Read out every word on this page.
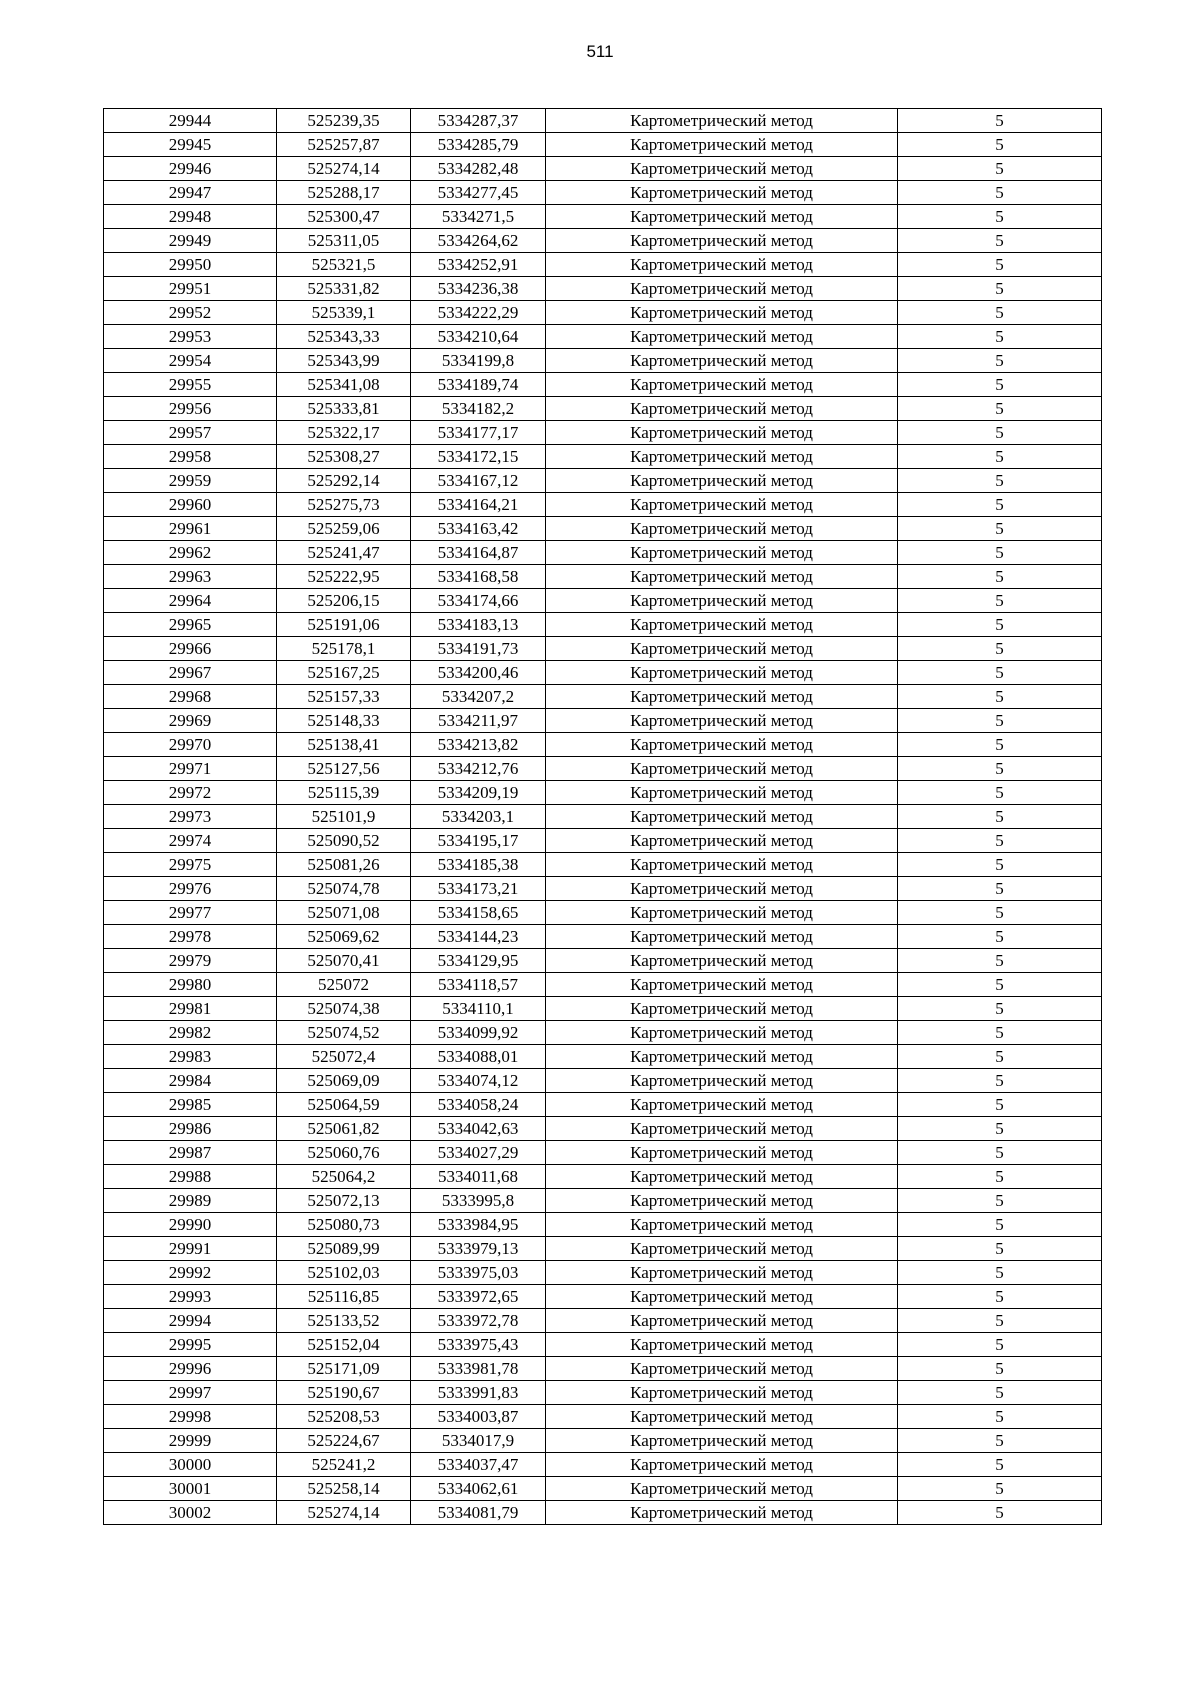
511
29944	525239,35	5334287,37	Картометрический метод	5
29945	525257,87	5334285,79	Картометрический метод	5
29946	525274,14	5334282,48	Картометрический метод	5
29947	525288,17	5334277,45	Картометрический метод	5
29948	525300,47	5334271,5	Картометрический метод	5
29949	525311,05	5334264,62	Картометрический метод	5
29950	525321,5	5334252,91	Картометрический метод	5
29951	525331,82	5334236,38	Картометрический метод	5
29952	525339,1	5334222,29	Картометрический метод	5
29953	525343,33	5334210,64	Картометрический метод	5
29954	525343,99	5334199,8	Картометрический метод	5
29955	525341,08	5334189,74	Картометрический метод	5
29956	525333,81	5334182,2	Картометрический метод	5
29957	525322,17	5334177,17	Картометрический метод	5
29958	525308,27	5334172,15	Картометрический метод	5
29959	525292,14	5334167,12	Картометрический метод	5
29960	525275,73	5334164,21	Картометрический метод	5
29961	525259,06	5334163,42	Картометрический метод	5
29962	525241,47	5334164,87	Картометрический метод	5
29963	525222,95	5334168,58	Картометрический метод	5
29964	525206,15	5334174,66	Картометрический метод	5
29965	525191,06	5334183,13	Картометрический метод	5
29966	525178,1	5334191,73	Картометрический метод	5
29967	525167,25	5334200,46	Картометрический метод	5
29968	525157,33	5334207,2	Картометрический метод	5
29969	525148,33	5334211,97	Картометрический метод	5
29970	525138,41	5334213,82	Картометрический метод	5
29971	525127,56	5334212,76	Картометрический метод	5
29972	525115,39	5334209,19	Картометрический метод	5
29973	525101,9	5334203,1	Картометрический метод	5
29974	525090,52	5334195,17	Картометрический метод	5
29975	525081,26	5334185,38	Картометрический метод	5
29976	525074,78	5334173,21	Картометрический метод	5
29977	525071,08	5334158,65	Картометрический метод	5
29978	525069,62	5334144,23	Картометрический метод	5
29979	525070,41	5334129,95	Картометрический метод	5
29980	525072	5334118,57	Картометрический метод	5
29981	525074,38	5334110,1	Картометрический метод	5
29982	525074,52	5334099,92	Картометрический метод	5
29983	525072,4	5334088,01	Картометрический метод	5
29984	525069,09	5334074,12	Картометрический метод	5
29985	525064,59	5334058,24	Картометрический метод	5
29986	525061,82	5334042,63	Картометрический метод	5
29987	525060,76	5334027,29	Картометрический метод	5
29988	525064,2	5334011,68	Картометрический метод	5
29989	525072,13	5333995,8	Картометрический метод	5
29990	525080,73	5333984,95	Картометрический метод	5
29991	525089,99	5333979,13	Картометрический метод	5
29992	525102,03	5333975,03	Картометрический метод	5
29993	525116,85	5333972,65	Картометрический метод	5
29994	525133,52	5333972,78	Картометрический метод	5
29995	525152,04	5333975,43	Картометрический метод	5
29996	525171,09	5333981,78	Картометрический метод	5
29997	525190,67	5333991,83	Картометрический метод	5
29998	525208,53	5334003,87	Картометрический метод	5
29999	525224,67	5334017,9	Картометрический метод	5
30000	525241,2	5334037,47	Картометрический метод	5
30001	525258,14	5334062,61	Картометрический метод	5
30002	525274,14	5334081,79	Картометрический метод	5
